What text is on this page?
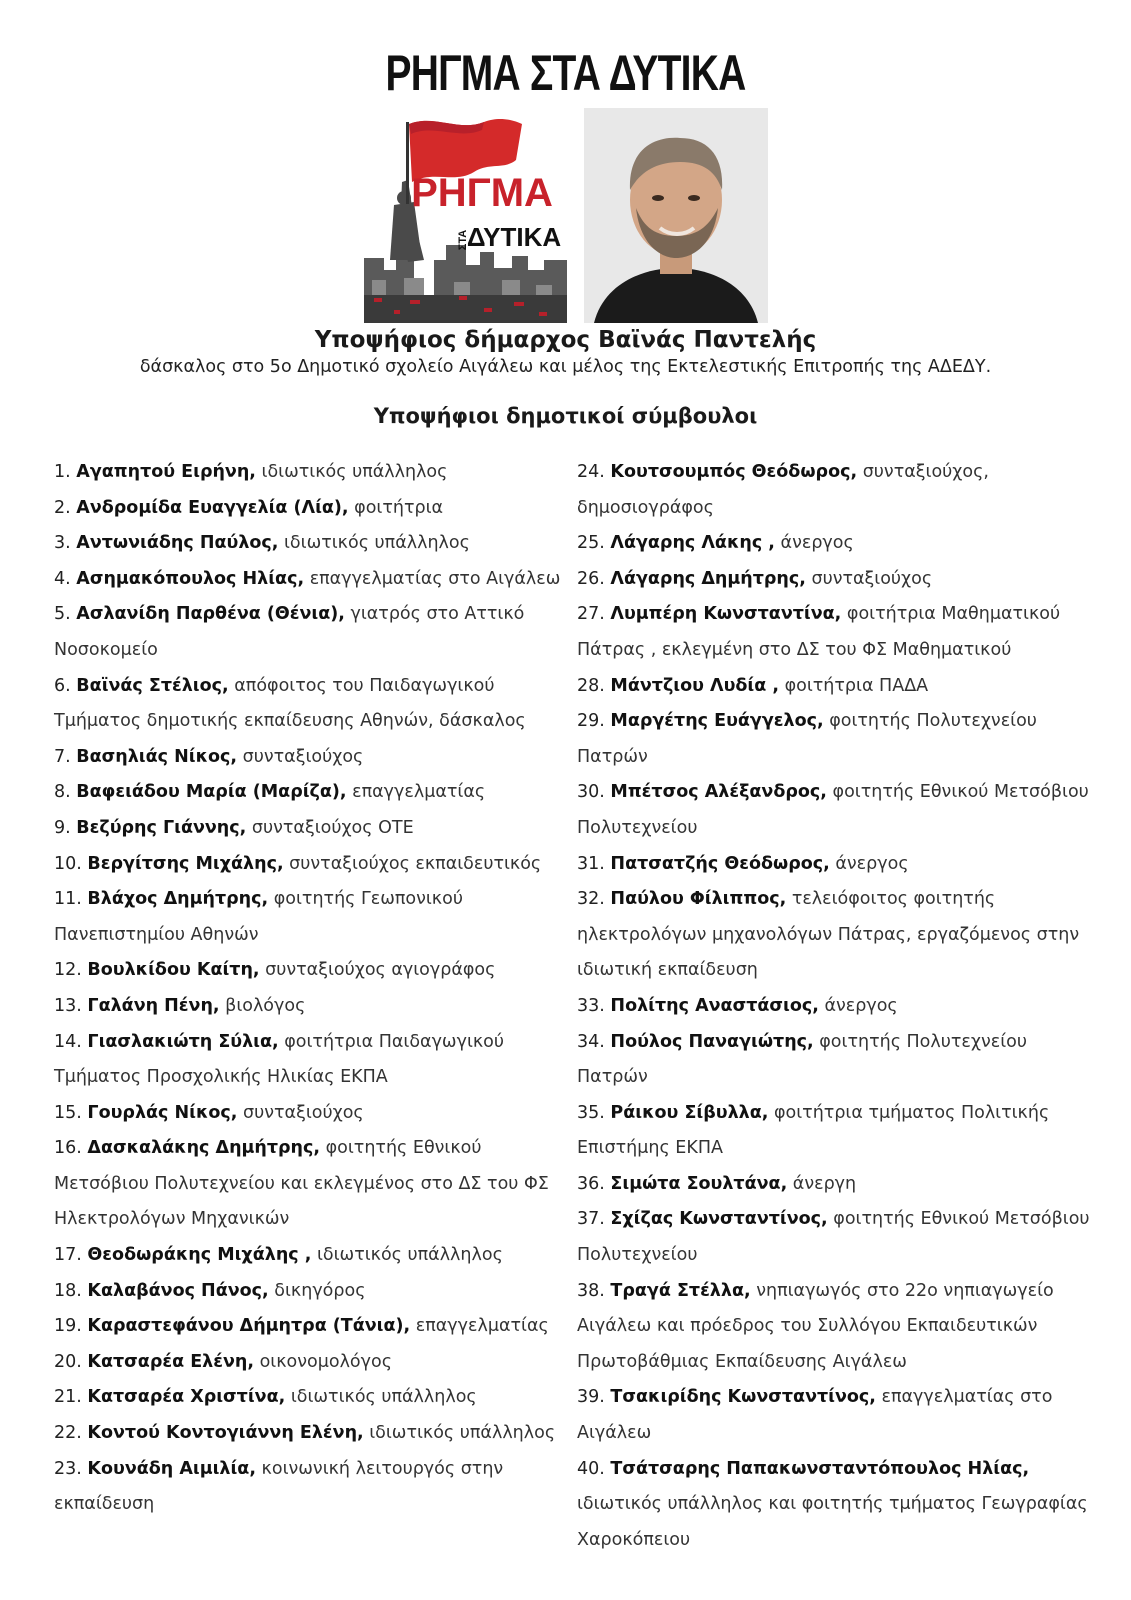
ΡΗΓΜΑ ΣΤΑ ΔΥΤΙΚΑ
ΡΗΓΜΑ
ΣΤΑ
ΔΥΤΙΚΑ
Υποψήφιος δήμαρχος Βαϊνάς Παντελής
δάσκαλος στο 5ο Δημοτικό σχολείο Αιγάλεω και μέλος της Εκτελεστικής Επιτροπής της ΑΔΕΔΥ.
Υποψήφιοι δημοτικοί σύμβουλοι

1. Αγαπητού Ειρήνη, ιδιωτικός υπάλληλος

2. Ανδρομίδα Ευαγγελία (Λία), φοιτήτρια

3. Αντωνιάδης Παύλος, ιδιωτικός υπάλληλος

4. Ασημακόπουλος Ηλίας, επαγγελματίας στο Αιγάλεω

5. Ασλανίδη Παρθένα (Θένια), γιατρός στο Αττικό Νοσοκομείο

6. Βαϊνάς Στέλιος, απόφοιτος του Παιδαγωγικού Τμήματος δημοτικής εκπαίδευσης Αθηνών, δάσκαλος

7. Βασηλιάς Νίκος, συνταξιούχος

8. Βαφειάδου Μαρία (Μαρίζα), επαγγελματίας

9. Βεζύρης Γιάννης, συνταξιούχος ΟΤΕ

10. Βεργίτσης Μιχάλης, συνταξιούχος εκπαιδευτικός

11. Βλάχος Δημήτρης, φοιτητής Γεωπονικού Πανεπιστημίου Αθηνών

12. Βουλκίδου Καίτη, συνταξιούχος αγιογράφος

13. Γαλάνη Πένη, βιολόγος

14. Γιασλακιώτη Σύλια, φοιτήτρια Παιδαγωγικού Τμήματος Προσχολικής Ηλικίας ΕΚΠΑ

15. Γουρλάς Νίκος, συνταξιούχος

16. Δασκαλάκης Δημήτρης, φοιτητής Εθνικού Μετσόβιου Πολυτεχνείου και εκλεγμένος στο ΔΣ του ΦΣ Ηλεκτρολόγων Μηχανικών

17. Θεοδωράκης Μιχάλης , ιδιωτικός υπάλληλος

18. Καλαβάνος Πάνος, δικηγόρος

19. Καραστεφάνου Δήμητρα (Τάνια), επαγγελματίας

20. Κατσαρέα Ελένη, οικονομολόγος

21. Κατσαρέα Χριστίνα, ιδιωτικός υπάλληλος

22. Κοντού Κοντογιάννη Ελένη, ιδιωτικός υπάλληλος

23. Κουνάδη Αιμιλία, κοινωνική λειτουργός στην εκπαίδευση

24. Κουτσουμπός Θεόδωρος, συνταξιούχος, δημοσιογράφος

25. Λάγαρης Λάκης , άνεργος

26. Λάγαρης Δημήτρης, συνταξιούχος

27. Λυμπέρη Κωνσταντίνα, φοιτήτρια Μαθηματικού Πάτρας , εκλεγμένη στο ΔΣ του ΦΣ Μαθηματικού

28. Μάντζιου Λυδία , φοιτήτρια ΠΑΔΑ

29. Μαργέτης Ευάγγελος, φοιτητής Πολυτεχνείου Πατρών

30. Μπέτσος Αλέξανδρος, φοιτητής Εθνικού Μετσόβιου Πολυτεχνείου

31. Πατσατζής Θεόδωρος, άνεργος

32. Παύλου Φίλιππος, τελειόφοιτος φοιτητής ηλεκτρολόγων μηχανολόγων Πάτρας, εργαζόμενος στην ιδιωτική εκπαίδευση

33. Πολίτης Αναστάσιος, άνεργος

34. Πούλος Παναγιώτης, φοιτητής Πολυτεχνείου Πατρών

35. Ράικου Σίβυλλα, φοιτήτρια τμήματος Πολιτικής Επιστήμης ΕΚΠΑ

36. Σιμώτα Σουλτάνα, άνεργη

37. Σχίζας Κωνσταντίνος, φοιτητής Εθνικού Μετσόβιου Πολυτεχνείου

38. Τραγά Στέλλα, νηπιαγωγός στο 22ο νηπιαγωγείο Αιγάλεω και πρόεδρος του Συλλόγου Εκπαιδευτικών Πρωτοβάθμιας Εκπαίδευσης Αιγάλεω

39. Τσακιρίδης Κωνσταντίνος, επαγγελματίας στο Αιγάλεω

40. Τσάτσαρης Παπακωνσταντόπουλος Ηλίας, ιδιωτικός υπάλληλος και φοιτητής τμήματος Γεωγραφίας Χαροκόπειου
